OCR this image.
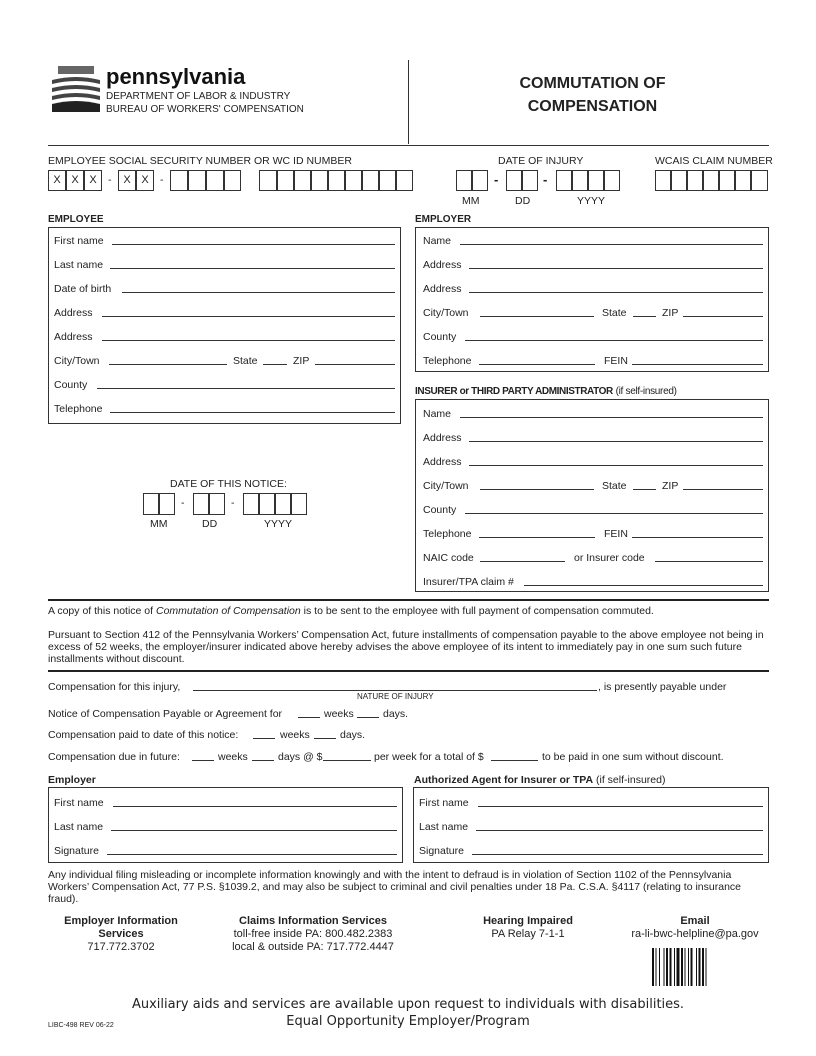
pennsylvania
DEPARTMENT OF LABOR & INDUSTRY
BUREAU OF WORKERS' COMPENSATION
COMMUTATION OF
COMPENSATION
EMPLOYEE SOCIAL SECURITY NUMBER OR WC ID NUMBER
X X X	-	X X	-
DATE OF INJURY
-	-
MM	DD	YYYY
WCAIS CLAIM NUMBER
EMPLOYEE
First name
Last name
Date of birth
Address
Address
City/Town	State	ZIP
County
Telephone
EMPLOYER
Name
Address
Address
City/Town	State	ZIP
County
Telephone	FEIN
INSURER or THIRD PARTY ADMINISTRATOR (if self-insured)
Name
Address
Address
City/Town	State	ZIP
County
Telephone	FEIN
NAIC code	or Insurer code
Insurer/TPA claim #
DATE OF THIS NOTICE:
-	-
MM	DD	YYYY
A copy of this notice of Commutation of Compensation is to be sent to the employee with full payment of compensation commuted.
Pursuant to Section 412 of the Pennsylvania Workers’ Compensation Act, future installments of compensation payable to the above employee not being in excess of 52 weeks, the employer/insurer indicated above hereby advises the above employee of its intent to immediately pay in one sum such future installments without discount.
Compensation for this injury,	, is presently payable under
NATURE OF INJURY
Notice of Compensation Payable or Agreement for	weeks	days.
Compensation paid to date of this notice:	weeks	days.
Compensation due in future:	weeks	days @ $	per week for a total of $	to be paid in one sum without discount.
Employer
First name
Last name
Signature
Authorized Agent for Insurer or TPA (if self-insured)
First name
Last name
Signature
Any individual filing misleading or incomplete information knowingly and with the intent to defraud is in violation of Section 1102 of the Pennsylvania Workers’ Compensation Act, 77 P.S. §1039.2, and may also be subject to criminal and civil penalties under 18 Pa. C.S.A. §4117 (relating to insurance fraud).
Employer Information
Services
717.772.3702
Claims Information Services
toll-free inside PA: 800.482.2383
local & outside PA: 717.772.4447
Hearing Impaired
PA Relay 7-1-1
Email
ra-li-bwc-helpline@pa.gov
Auxiliary aids and services are available upon request to individuals with disabilities.
Equal Opportunity Employer/Program
LIBC-498 REV 06-22
